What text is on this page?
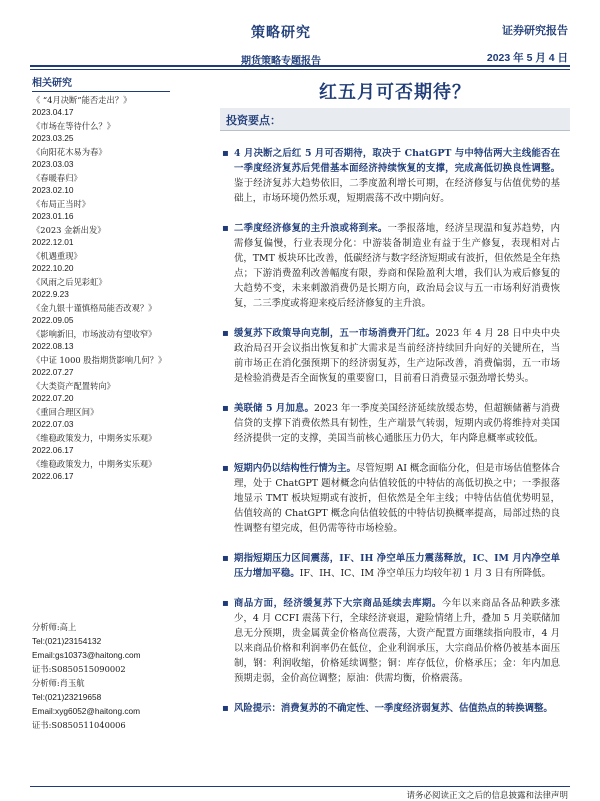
策略研究
期货策略专题报告
证券研究报告
2023 年 5 月 4 日
相关研究
《 “4月决断”能否走出？》
2023.04.17
《市场在等待什么？》
2023.03.25
《向阳花木易为春》
2023.03.03
《春暖春归》
2023.02.10
《布局正当时》
2023.01.16
《2023 金新出发》
2022.12.01
《机遇重现》
2022.10.20
《风雨之后见彩虹》
2022.9.23
《金九银十谨慎格局能否改观？》
2022.09.05
《影响新旧，市场波动有望收窄》
2022.08.13
《中证 1000 股指期货影响几何？》
2022.07.27
《大类资产配置转向》
2022.07.20
《重回合理区间》
2022.07.03
《维稳政策发力，中期务实乐观》
2022.06.17
《维稳政策发力，中期务实乐观》
2022.06.17
分析师:高上
Tel:(021)23154132
Email:gs10373@haitong.com
证书:S0850515090002
分析师:肖玉航
Tel:(021)23219658
Email:xyg6052@haitong.com
证书:S0850511040006
红五月可否期待？
投资要点：
▪ 4 月决断之后红 5 月可否期待，取决于 ChatGPT 与中特估两大主线能否在一季度经济复苏后凭借基本面经济持续恢复的支撑，完成高低切换良性调整。鉴于经济复苏大趋势依旧，二季度盈利增长可期，在经济修复与估值优势的基础上，市场环境仍然乐观，短期震荡不改中期向好。
▪ 二季度经济修复的主升浪或将到来。一季报落地，经济呈现温和复苏趋势，内需修复偏慢，行业表现分化：中游装备制造业有益于生产修复，表现相对占优，TMT 板块环比改善，低碳经济与数字经济短期或有波折，但依然是全年热点；下游消费盈利改善幅度有限，券商和保险盈利大增，我们认为戒后修复的大趋势不变，未来刺激消费仍是长期方向，政治局会议与五一市场利好消费恢复，二三季度或将迎来疫后经济修复的主升浪。
▪ 缓复苏下政策导向克制，五一市场消费开门红。2023 年 4 月 28 日中央中央政治局召开会议指出恢复和扩大需求是当前经济持续回升向好的关键所在，当前市场正在消化强预期下的经济弱复苏，生产边际改善，消费偏弱，五一市场是检验消费是否全面恢复的重要窗口，目前看日消费显示强劲增长势头。
▪ 美联储 5 月加息。2023 年一季度美国经济延续放缓态势，但超额储蓄与消费信贷的支撑下消费依然具有韧性，生产端景气转弱，短期内或仍将维持对美国经济提供一定的支撑，美国当前核心通胀压力仍大，年内降息概率或较低。
▪ 短期内仍以结构性行情为主。尽管短期 AI 概念面临分化，但是市场估值整体合理，处于 ChatGPT 题材概念向估值较低的中特估的高低切换之中；一季报落地显示 TMT 板块短期或有波折，但依然是全年主线；中特估估值优势明显，估值较高的 ChatGPT 概念向估值较低的中特估切换概率提高，局部过热的良性调整有望完成，但仍需等待市场检验。
▪ 期指短期压力区间震荡，IF、IH 净空单压力震荡释放，IC、IM 月内净空单压力增加平稳。IF、IH、IC、IM 净空单压力均较年初 1 月 3 日有所降低。
▪ 商品方面，经济缓复苏下大宗商品延续去库期。今年以来商品各品种跌多涨少，4 月 CCFI 震荡下行，全球经济衰退，避险情绪上升，叠加 5 月美联储加息无分预期，贵金属黄金价格高位震荡，大资产配置方面继续指向股市，4 月以来商品价格和利润率仍在低位，企业利润承压，大宗商品价格仍被基本面压制，钢：利润收缩，价格延续调整；铜：库存低位，价格承压；金：年内加息预期走弱，金价高位调整；原油：供需均衡，价格震荡。
▪ 风险提示：消费复苏的不确定性、一季度经济弱复苏、估值热点的转换调整。
请务必阅读正文之后的信息披露和法律声明
